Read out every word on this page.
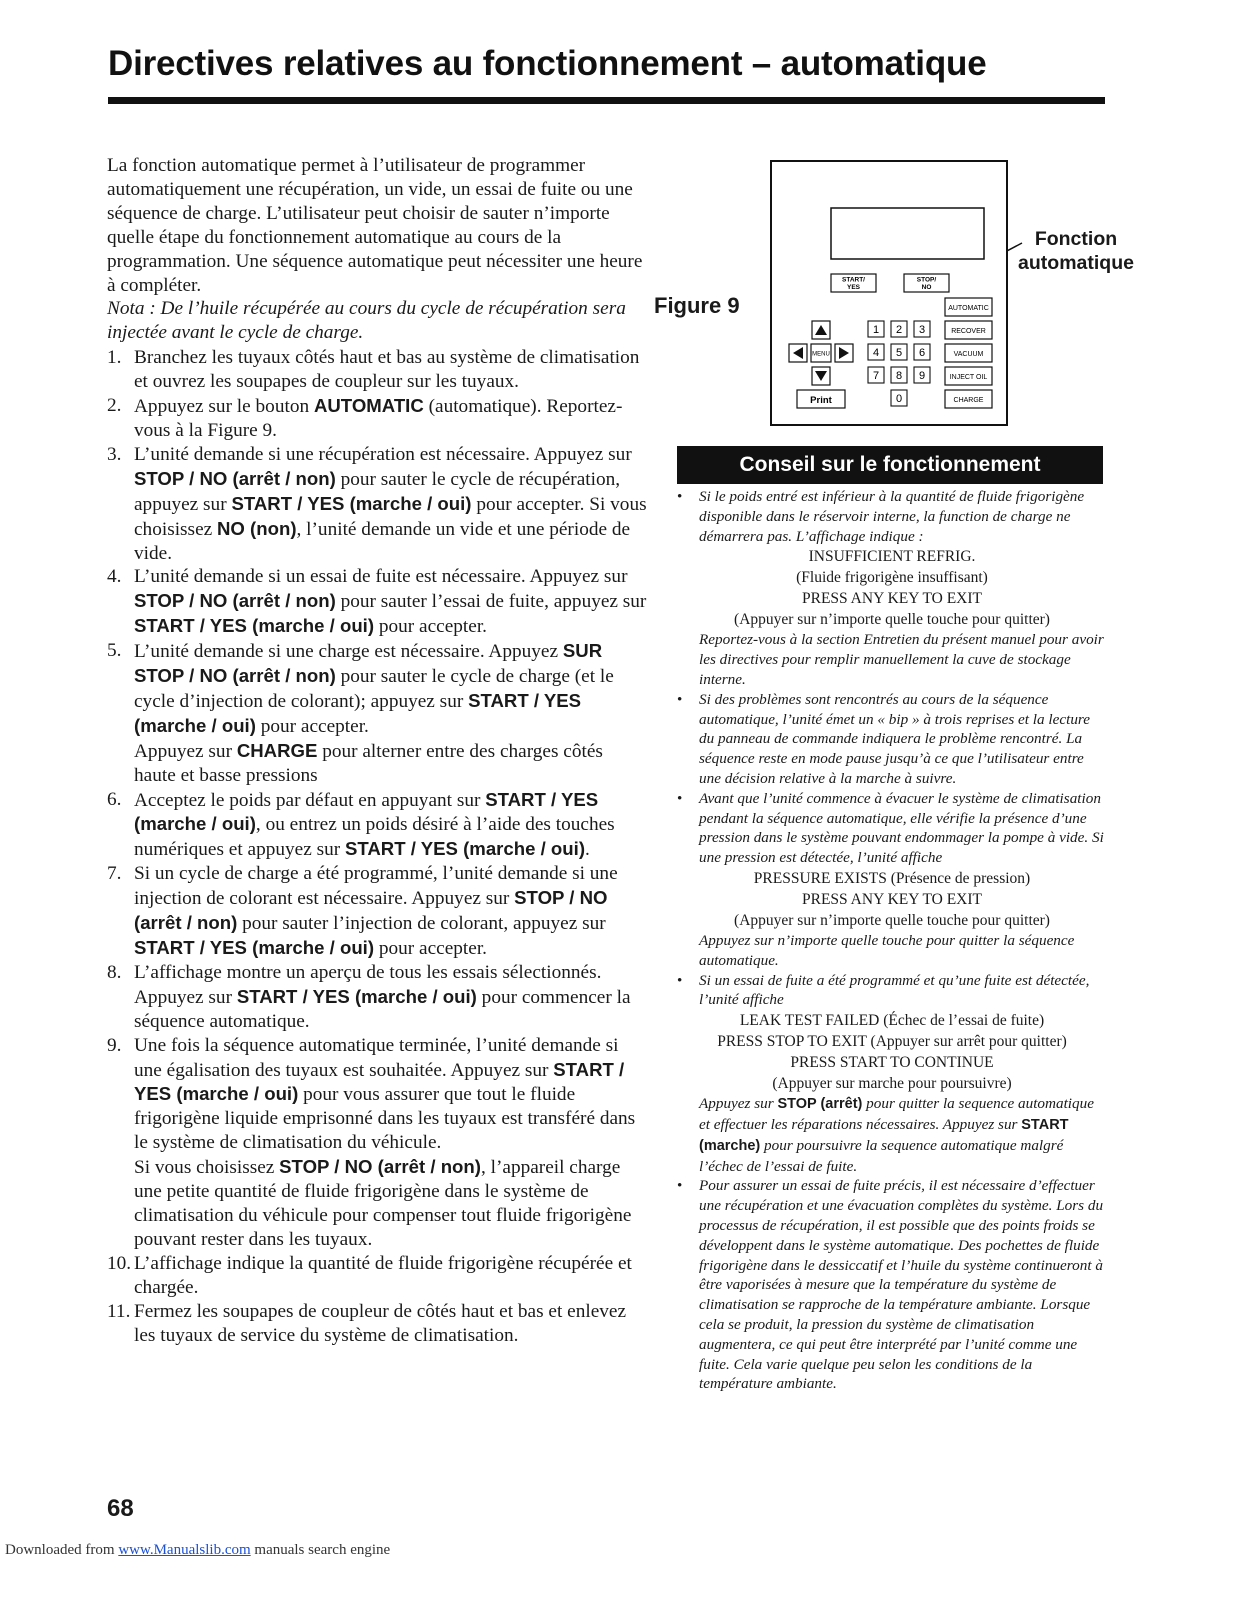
Directives relatives au fonctionnement – automatique

La fonction automatique permet à l’utilisateur de programmer automatiquement une récupération, un vide, un essai de fuite ou une séquence de charge. L’utilisateur peut choisir de sauter n’importe quelle étape du fonctionnement automatique au cours de la programmation. Une séquence automatique peut nécessiter une heure à compléter.

Nota : De l’huile récupérée au cours du cycle de récupération sera injectée avant le cycle de charge.

1. Branchez les tuyaux côtés haut et bas au système de climatisation et ouvrez les soupapes de coupleur sur les tuyaux.
2. Appuyez sur le bouton AUTOMATIC (automatique). Reportez-vous à la Figure 9.
3. L’unité demande si une récupération est nécessaire. Appuyez sur STOP / NO (arrêt / non) pour sauter le cycle de récupération, appuyez sur START / YES (marche / oui) pour accepter. Si vous choisissez NO (non), l’unité demande un vide et une période de vide.
4. L’unité demande si un essai de fuite est nécessaire. Appuyez sur STOP / NO (arrêt / non) pour sauter l’essai de fuite, appuyez sur START / YES (marche / oui) pour accepter.
5. L’unité demande si une charge est nécessaire. Appuyez SUR STOP / NO (arrêt / non) pour sauter le cycle de charge (et le cycle d’injection de colorant); appuyez sur START / YES (marche / oui) pour accepter.
Appuyez sur CHARGE pour alterner entre des charges côtés haute et basse pressions
6. Acceptez le poids par défaut en appuyant sur START / YES (marche / oui), ou entrez un poids désiré à l’aide des touches numériques et appuyez sur START / YES (marche / oui).
7. Si un cycle de charge a été programmé, l’unité demande si une injection de colorant est nécessaire. Appuyez sur STOP / NO (arrêt / non) pour sauter l’injection de colorant, appuyez sur START / YES (marche / oui) pour accepter.
8. L’affichage montre un aperçu de tous les essais sélectionnés. Appuyez sur START / YES (marche / oui) pour commencer la séquence automatique.
9. Une fois la séquence automatique terminée, l’unité demande si une égalisation des tuyaux est souhaitée. Appuyez sur START / YES (marche / oui) pour vous assurer que tout le fluide frigorigène liquide emprisonné dans les tuyaux est transféré dans le système de climatisation du véhicule.
Si vous choisissez STOP / NO (arrêt / non), l’appareil charge une petite quantité de fluide frigorigène dans le système de climatisation du véhicule pour compenser tout fluide frigorigène pouvant rester dans les tuyaux.
10. L’affichage indique la quantité de fluide frigorigène récupérée et chargée.
11. Fermez les soupapes de coupleur de côtés haut et bas et enlevez les tuyaux de service du système de climatisation.
Figure 9
Fonction automatique
START/
YES
STOP/
NO
AUTOMATIC
RECOVER
VACUUM
INJECT OIL
CHARGE
MENU
Print
1 2 3
4 5 6
7 8 9
0
Conseil sur le fonctionnement
• Si le poids entré est inférieur à la quantité de fluide frigorigène disponible dans le réservoir interne, la function de charge ne démarrera pas. L’affichage indique :
INSUFFICIENT REFRIG.
(Fluide frigorigène insuffisant)
PRESS ANY KEY TO EXIT
(Appuyer sur n’importe quelle touche pour quitter)
Reportez-vous à la section Entretien du présent manuel pour avoir les directives pour remplir manuellement la cuve de stockage interne.
• Si des problèmes sont rencontrés au cours de la séquence automatique, l’unité émet un « bip » à trois reprises et la lecture du panneau de commande indiquera le problème rencontré. La séquence reste en mode pause jusqu’à ce que l’utilisateur entre une décision relative à la marche à suivre.
• Avant que l’unité commence à évacuer le système de climatisation pendant la séquence automatique, elle vérifie la présence d’une pression dans le système pouvant endommager la pompe à vide. Si une pression est détectée, l’unité affiche
PRESSURE EXISTS (Présence de pression)
PRESS ANY KEY TO EXIT
(Appuyer sur n’importe quelle touche pour quitter)
Appuyez sur n’importe quelle touche pour quitter la séquence automatique.
• Si un essai de fuite a été programmé et qu’une fuite est détectée, l’unité affiche
LEAK TEST FAILED (Échec de l’essai de fuite)
PRESS STOP TO EXIT (Appuyer sur arrêt pour quitter)
PRESS START TO CONTINUE
(Appuyer sur marche pour poursuivre)
Appuyez sur STOP (arrêt) pour quitter la sequence automatique et effectuer les réparations nécessaires. Appuyez sur START (marche) pour poursuivre la sequence automatique malgré l’échec de l’essai de fuite.
• Pour assurer un essai de fuite précis, il est nécessaire d’effectuer une récupération et une évacuation complètes du système. Lors du processus de récupération, il est possible que des points froids se développent dans le système automatique. Des pochettes de fluide frigorigène dans le dessiccatif et l’huile du système continueront à être vaporisées à mesure que la température du système de climatisation se rapproche de la température ambiante. Lorsque cela se produit, la pression du système de climatisation augmentera, ce qui peut être interprété par l’unité comme une fuite. Cela varie quelque peu selon les conditions de la température ambiante.
68
Downloaded from www.Manualslib.com manuals search engine
